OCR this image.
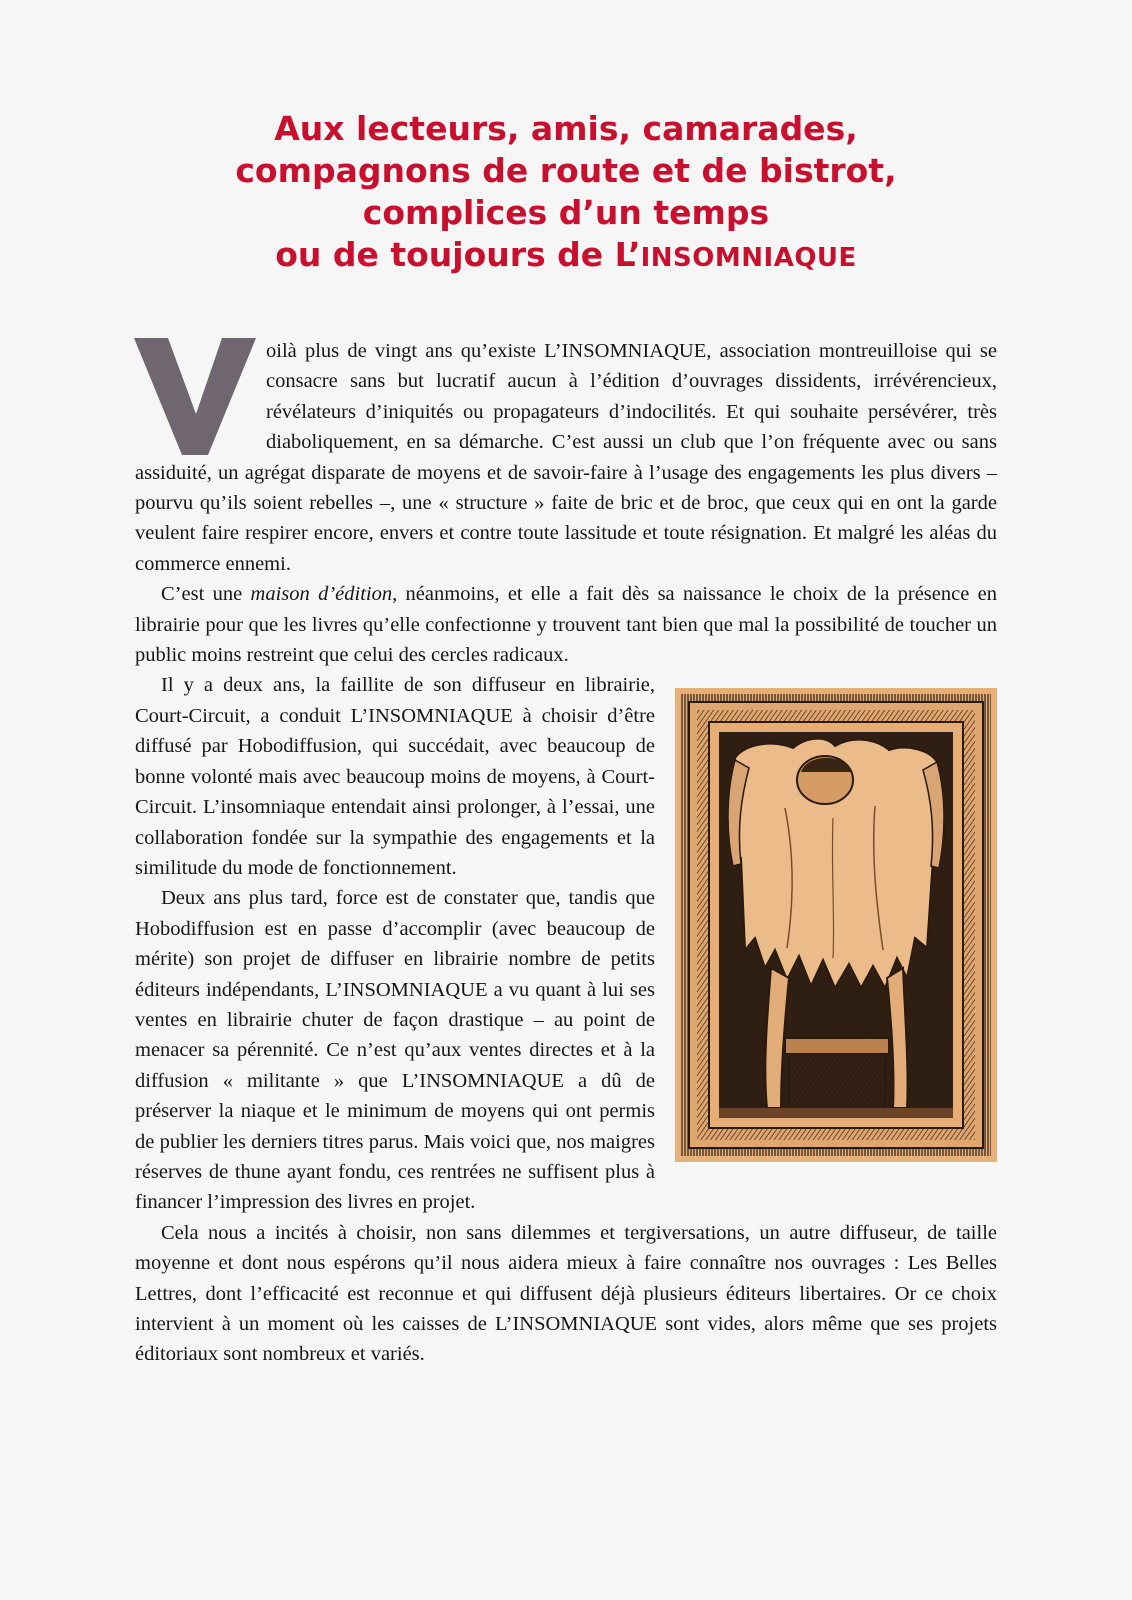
Aux lecteurs, amis, camarades,
compagnons de route et de bistrot,
complices d’un temps
ou de toujours de L’INSOMNIAQUE

oilà plus de vingt ans qu’existe L’INSOMNIAQUE, association montreuilloise qui se consacre sans but lucratif aucun à l’édition d’ouvrages dissidents, irrévérencieux, révélateurs d’iniquités ou propagateurs d’indocilités. Et qui souhaite persévérer, très diaboliquement, en sa démarche. C’est aussi un club que l’on fréquente avec ou sans assiduité, un agrégat disparate de moyens et de savoir-faire à l’usage des engagements les plus divers – pourvu qu’ils soient rebelles –, une « structure » faite de bric et de broc, que ceux qui en ont la garde veulent faire respirer encore, envers et contre toute lassitude et toute résignation. Et malgré les aléas du commerce ennemi.

C’est une maison d’édition, néanmoins, et elle a fait dès sa naissance le choix de la présence en librairie pour que les livres qu’elle confectionne y trouvent tant bien que mal la possibilité de toucher un public moins restreint que celui des cercles radicaux.

Il y a deux ans, la faillite de son diffuseur en librairie, Court-Circuit, a conduit L’INSOMNIAQUE à choisir d’être diffusé par Hobodiffusion, qui succédait, avec beaucoup de bonne volonté mais avec beaucoup moins de moyens, à Court-Circuit. L’insomniaque entendait ainsi prolonger, à l’essai, une collaboration fondée sur la sympathie des engagements et la similitude du mode de fonctionnement.

Deux ans plus tard, force est de constater que, tandis que Hobodiffusion est en passe d’accomplir (avec beaucoup de mérite) son projet de diffuser en librairie nombre de petits éditeurs indépendants, L’INSOMNIAQUE a vu quant à lui ses ventes en librairie chuter de façon drastique – au point de menacer sa pérennité. Ce n’est qu’aux ventes directes et à la diffusion « militante » que L’INSOMNIAQUE a dû de préserver la niaque et le minimum de moyens qui ont permis de publier les derniers titres parus. Mais voici que, nos maigres réserves de thune ayant fondu, ces rentrées ne suffisent plus à financer l’impression des livres en projet.

Cela nous a incités à choisir, non sans dilemmes et tergiversations, un autre diffuseur, de taille moyenne et dont nous espérons qu’il nous aidera mieux à faire connaître nos ouvrages : Les Belles Lettres, dont l’efficacité est reconnue et qui diffusent déjà plusieurs éditeurs libertaires. Or ce choix intervient à un moment où les caisses de L’INSOMNIAQUE sont vides, alors même que ses projets éditoriaux sont nombreux et variés.
